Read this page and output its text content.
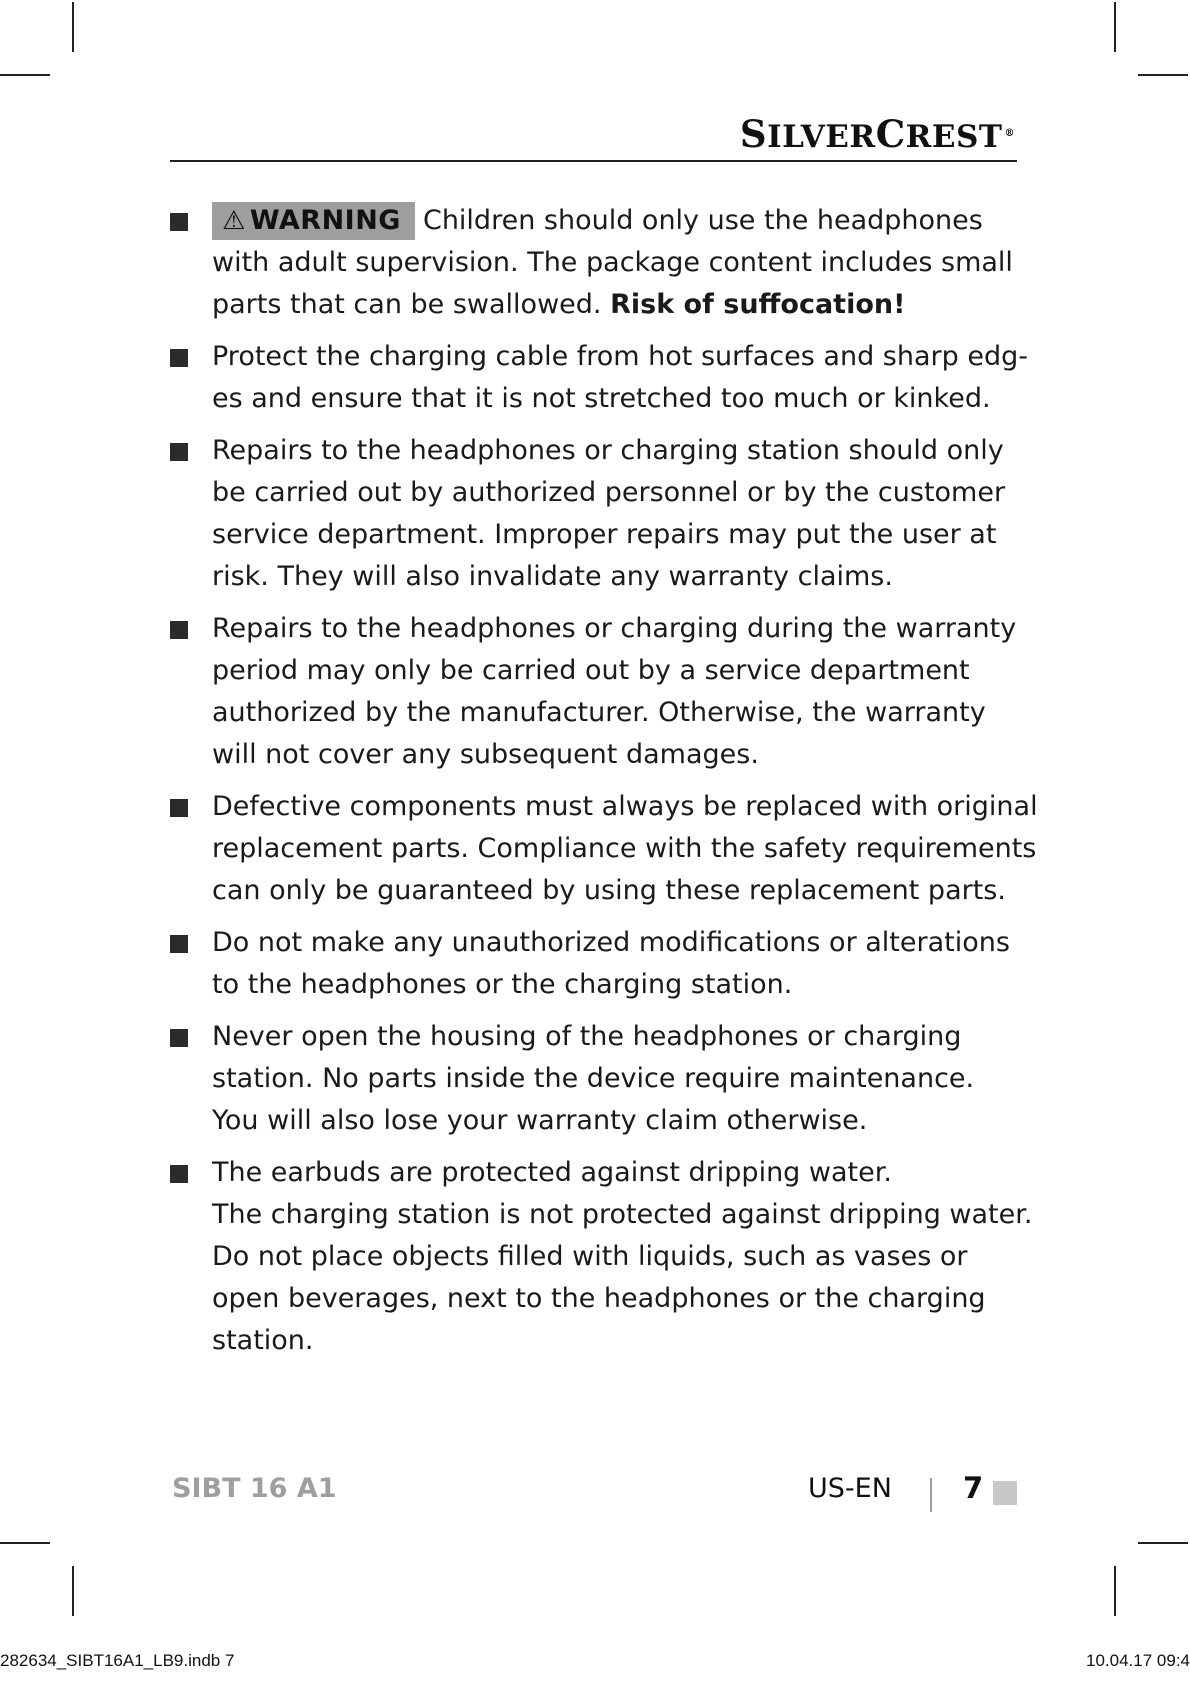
SILVERCREST ®
⚠ WARNING Children should only use the headphones
with adult supervision. The package content includes small
parts that can be swallowed. Risk of suffocation!
Protect the charging cable from hot surfaces and sharp edg-
es and ensure that it is not stretched too much or kinked.
Repairs to the headphones or charging station should only
be carried out by authorized personnel or by the customer
service department. Improper repairs may put the user at
risk. They will also invalidate any warranty claims.
Repairs to the headphones or charging during the warranty
period may only be carried out by a service department
authorized by the manufacturer. Otherwise, the warranty
will not cover any subsequent damages.
Defective components must always be replaced with original
replacement parts. Compliance with the safety requirements
can only be guaranteed by using these replacement parts.
Do not make any unauthorized modifications or alterations
to the headphones or the charging station.
Never open the housing of the headphones or charging
station. No parts inside the device require maintenance.
You will also lose your warranty claim otherwise.
The earbuds are protected against dripping water.
The charging station is not protected against dripping water.
Do not place objects filled with liquids, such as vases or
open beverages, next to the headphones or the charging
station.
SIBT 16 A1	US-EN 7
282634_SIBT16A1_LB9.indb 7	10.04.17 09:4
